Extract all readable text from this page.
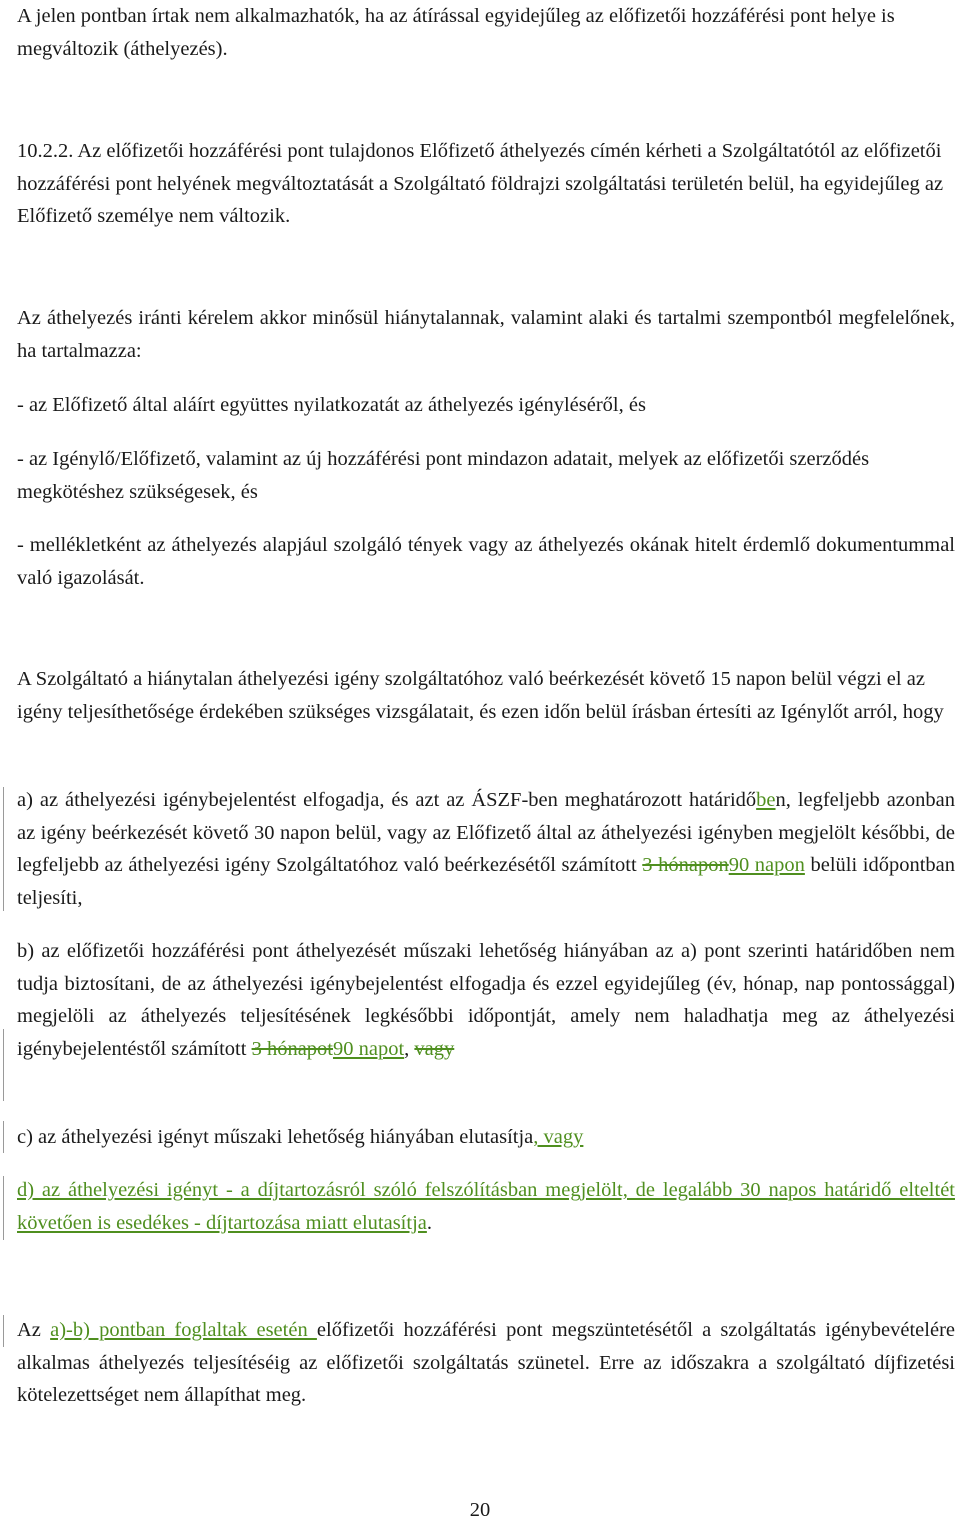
A jelen pontban írtak nem alkalmazhatók, ha az átírással egyidejűleg az előfizetői hozzáférési pont helye is megváltozik (áthelyezés).

10.2.2. Az előfizetői hozzáférési pont tulajdonos Előfizető áthelyezés címén kérheti a Szolgáltatótól az előfizetői hozzáférési pont helyének megváltoztatását a Szolgáltató földrajzi szolgáltatási területén belül, ha egyidejűleg az Előfizető személye nem változik.

Az áthelyezés iránti kérelem akkor minősül hiánytalannak, valamint alaki és tartalmi szempontból megfelelőnek, ha tartalmazza:

- az Előfizető által aláírt együttes nyilatkozatát az áthelyezés igényléséről, és

- az Igénylő/Előfizető, valamint az új hozzáférési pont mindazon adatait, melyek az előfizetői szerződés megkötéshez szükségesek, és

- mellékletként az áthelyezés alapjául szolgáló tények vagy az áthelyezés okának hitelt érdemlő dokumentummal való igazolását.

A Szolgáltató a hiánytalan áthelyezési igény szolgáltatóhoz való beérkezését követő 15 napon belül végzi el az igény teljesíthetősége érdekében szükséges vizsgálatait, és ezen időn belül írásban értesíti az Igénylőt arról, hogy

a) az áthelyezési igénybejelentést elfogadja, és azt az ÁSZF-ben meghatározott határidőben, legfeljebb azonban az igény beérkezését követő 30 napon belül, vagy az Előfizető által az áthelyezési igényben megjelölt későbbi, de legfeljebb az áthelyezési igény Szolgáltatóhoz való beérkezésétől számított 3 hónapon90 napon belüli időpontban teljesíti,

b) az előfizetői hozzáférési pont áthelyezését műszaki lehetőség hiányában az a) pont szerinti határidőben nem tudja biztosítani, de az áthelyezési igénybejelentést elfogadja és ezzel egyidejűleg (év, hónap, nap pontossággal) megjelöli az áthelyezés teljesítésének legkésőbbi időpontját, amely nem haladhatja meg az áthelyezési igénybejelentéstől számított 3 hónapot90 napot, vagy

c) az áthelyezési igényt műszaki lehetőség hiányában elutasítja, vagy

d) az áthelyezési igényt - a díjtartozásról szóló felszólításban megjelölt, de legalább 30 napos határidő elteltét követően is esedékes - díjtartozása miatt elutasítja.

Az a)-b) pontban foglaltak esetén előfizetői hozzáférési pont megszüntetésétől a szolgáltatás igénybevételére alkalmas áthelyezés teljesítéséig az előfizetői szolgáltatás szünetel. Erre az időszakra a szolgáltató díjfizetési kötelezettséget nem állapíthat meg.

20
